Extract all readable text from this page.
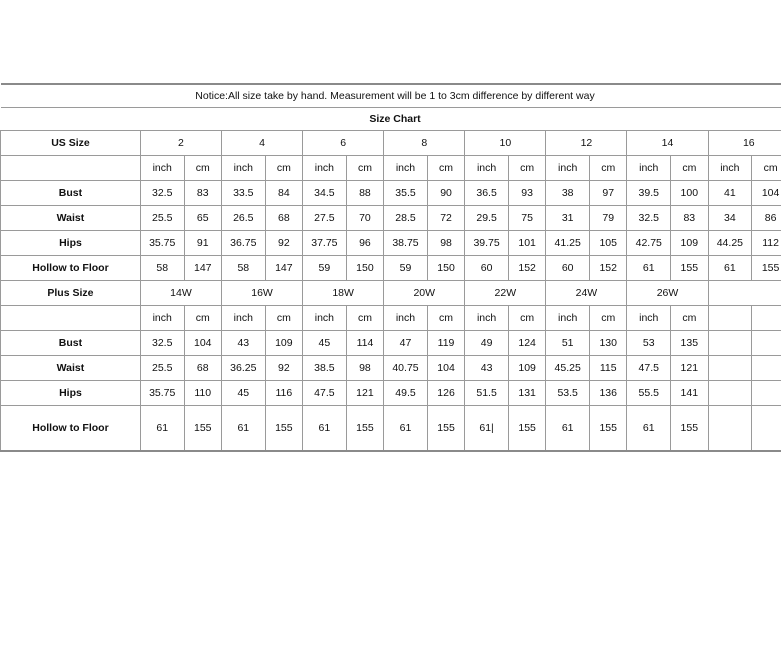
Notice:All size take by hand. Measurement will be 1 to 3cm difference by different way																
Size Chart																
US Size	2		4		6		8		10		12		14		16	
	inch	cm	inch	cm	inch	cm	inch	cm	inch	cm	inch	cm	inch	cm	inch	cm
Bust	32.5	83	33.5	84	34.5	88	35.5	90	36.5	93	38	97	39.5	100	41	104
Waist	25.5	65	26.5	68	27.5	70	28.5	72	29.5	75	31	79	32.5	83	34	86
Hips	35.75	91	36.75	92	37.75	96	38.75	98	39.75	101	41.25	105	42.75	109	44.25	112
Hollow to Floor	58	147	58	147	59	150	59	150	60	152	60	152	61	155	61	155
Plus Size	14W		16W		18W		20W		22W		24W		26W			
	inch	cm	inch	cm	inch	cm	inch	cm	inch	cm	inch	cm	inch	cm		
Bust	32.5	104	43	109	45	114	47	119	49	124	51	130	53	135		
Waist	25.5	68	36.25	92	38.5	98	40.75	104	43	109	45.25	115	47.5	121		
Hips	35.75	110	45	116	47.5	121	49.5	126	51.5	131	53.5	136	55.5	141		
Hollow to Floor	61	155	61	155	61	155	61	155	61|	155	61	155	61	155		
